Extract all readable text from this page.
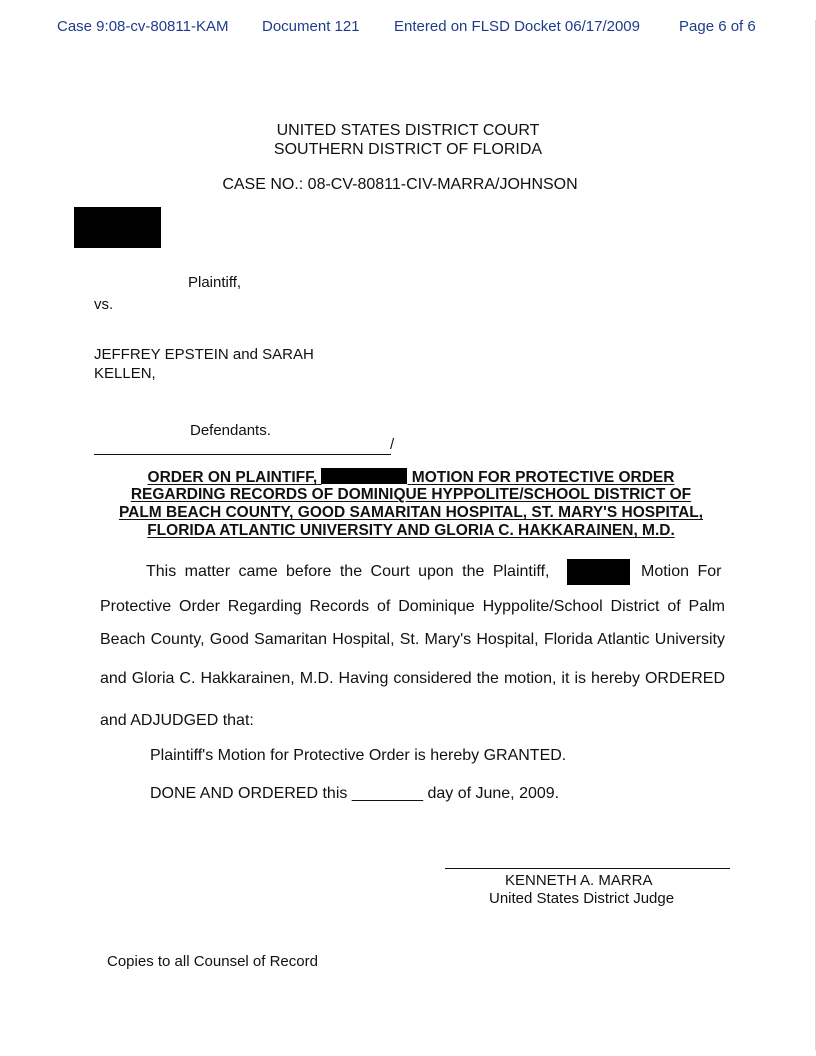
Case 9:08-cv-80811-KAM Document 121 Entered on FLSD Docket 06/17/2009	Page 6 of 6
UNITED STATES DISTRICT COURT
SOUTHERN DISTRICT OF FLORIDA
CASE NO.: 08-CV-80811-CIV-MARRA/JOHNSON
Plaintiff,
vs.
JEFFREY EPSTEIN and SARAH
KELLEN,
Defendants.
/
ORDER ON PLAINTIFF,	MOTION FOR PROTECTIVE ORDER
REGARDING RECORDS OF DOMINIQUE HYPPOLITE/SCHOOL DISTRICT OF
PALM BEACH COUNTY, GOOD SAMARITAN HOSPITAL, ST. MARY'S HOSPITAL,
FLORIDA ATLANTIC UNIVERSITY AND GLORIA C. HAKKARAINEN, M.D.
This matter came before the Court upon the Plaintiff,	Motion For
Protective Order Regarding Records of Dominique Hyppolite/School District of Palm
Beach County, Good Samaritan Hospital, St. Mary's Hospital, Florida Atlantic University
and Gloria C. Hakkarainen, M.D. Having considered the motion, it is hereby ORDERED
and ADJUDGED that:
Plaintiff's Motion for Protective Order is hereby GRANTED.
DONE AND ORDERED this ________ day of June, 2009.
KENNETH A. MARRA
United States District Judge
Copies to all Counsel of Record
